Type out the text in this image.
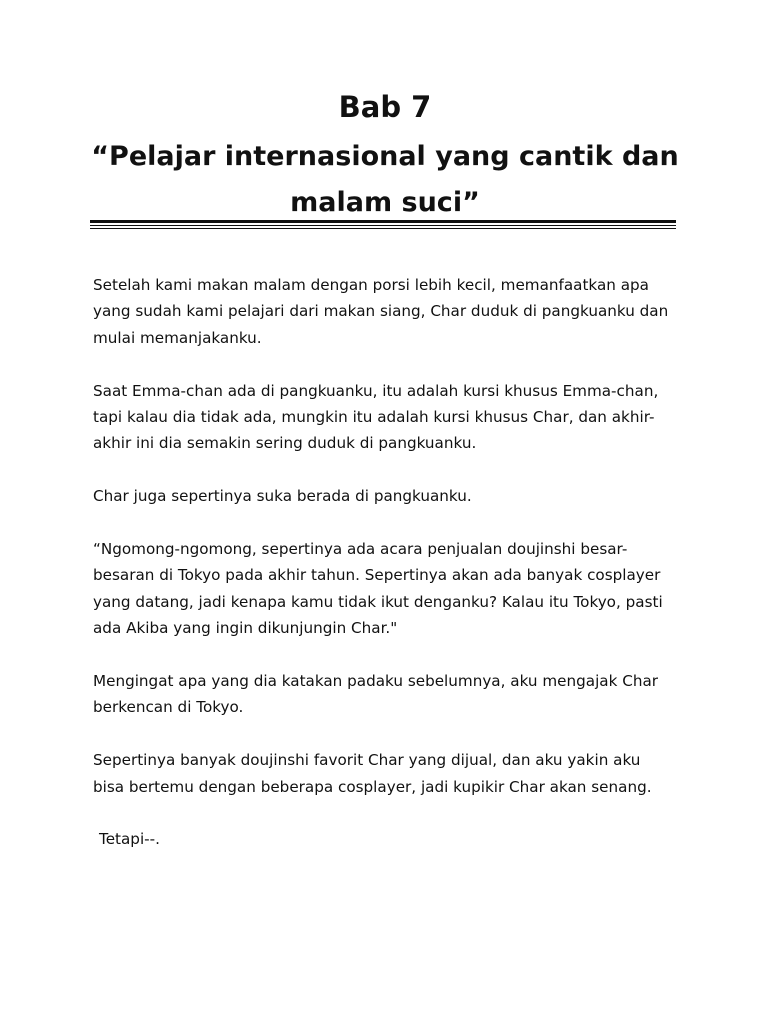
Bab 7
“Pelajar internasional yang cantik dan
malam suci”

Setelah kami makan malam dengan porsi lebih kecil, memanfaatkan apa yang sudah kami pelajari dari makan siang, Char duduk di pangkuanku dan mulai memanjakanku.

Saat Emma-chan ada di pangkuanku, itu adalah kursi khusus Emma-chan, tapi kalau dia tidak ada, mungkin itu adalah kursi khusus Char, dan akhir-akhir ini dia semakin sering duduk di pangkuanku.

Char juga sepertinya suka berada di pangkuanku.

“Ngomong-ngomong, sepertinya ada acara penjualan doujinshi besar-besaran di Tokyo pada akhir tahun. Sepertinya akan ada banyak cosplayer yang datang, jadi kenapa kamu tidak ikut denganku? Kalau itu Tokyo, pasti ada Akiba yang ingin dikunjungin Char."

Mengingat apa yang dia katakan padaku sebelumnya, aku mengajak Char berkencan di Tokyo.

Sepertinya banyak doujinshi favorit Char yang dijual, dan aku yakin aku bisa bertemu dengan beberapa cosplayer, jadi kupikir Char akan senang.

Tetapi--.
